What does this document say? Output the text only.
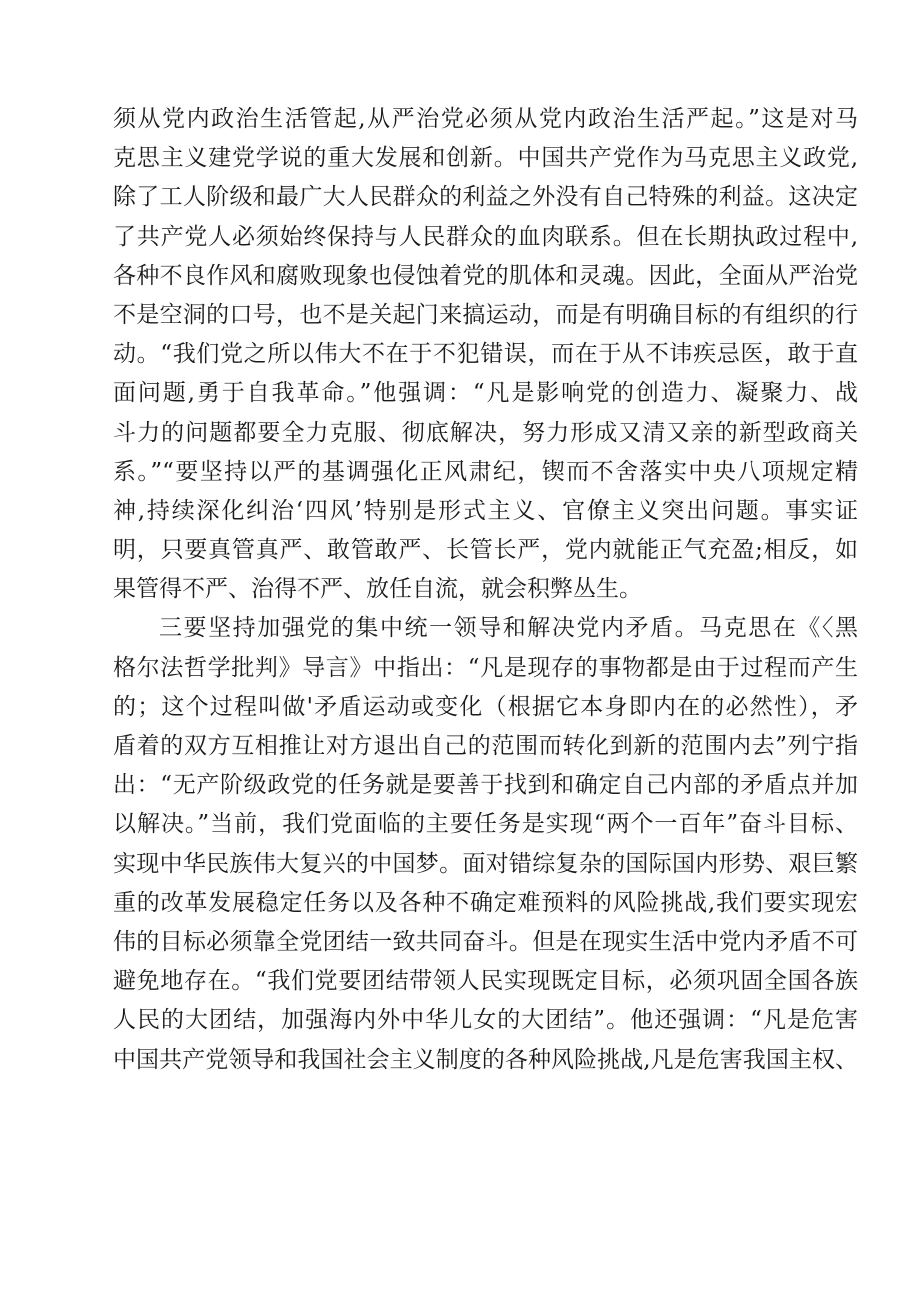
须从党内政治生活管起,从严治党必须从党内政治生活严起。”这是对马
克思主义建党学说的重大发展和创新。中国共产党作为马克思主义政党,
除了工人阶级和最广大人民群众的利益之外没有自己特殊的利益。这决定
了共产党人必须始终保持与人民群众的血肉联系。但在长期执政过程中,
各种不良作风和腐败现象也侵蚀着党的肌体和灵魂。因此，全面从严治党
不是空洞的口号，也不是关起门来搞运动，而是有明确目标的有组织的行
动。“我们党之所以伟大不在于不犯错误，而在于从不讳疾忌医，敢于直
面问题,勇于自我革命。”他强调：“凡是影响党的创造力、凝聚力、战
斗力的问题都要全力克服、彻底解决，努力形成又清又亲的新型政商关
系。”“要坚持以严的基调强化正风肃纪，锲而不舍落实中央八项规定精
神,持续深化纠治‘四风’特别是形式主义、官僚主义突出问题。事实证
明，只要真管真严、敢管敢严、长管长严，党内就能正气充盈;相反，如
果管得不严、治得不严、放任自流，就会积弊丛生。
三要坚持加强党的集中统一领导和解决党内矛盾。马克思在《〈黑
格尔法哲学批判》导言》中指出：“凡是现存的事物都是由于过程而产生
的；这个过程叫做'矛盾运动或变化（根据它本身即内在的必然性），矛
盾着的双方互相推让对方退出自己的范围而转化到新的范围内去”列宁指
出：“无产阶级政党的任务就是要善于找到和确定自己内部的矛盾点并加
以解决。”当前，我们党面临的主要任务是实现“两个一百年”奋斗目标、
实现中华民族伟大复兴的中国梦。面对错综复杂的国际国内形势、艰巨繁
重的改革发展稳定任务以及各种不确定难预料的风险挑战,我们要实现宏
伟的目标必须靠全党团结一致共同奋斗。但是在现实生活中党内矛盾不可
避免地存在。“我们党要团结带领人民实现既定目标，必须巩固全国各族
人民的大团结，加强海内外中华儿女的大团结”。他还强调：“凡是危害
中国共产党领导和我国社会主义制度的各种风险挑战,凡是危害我国主权、
